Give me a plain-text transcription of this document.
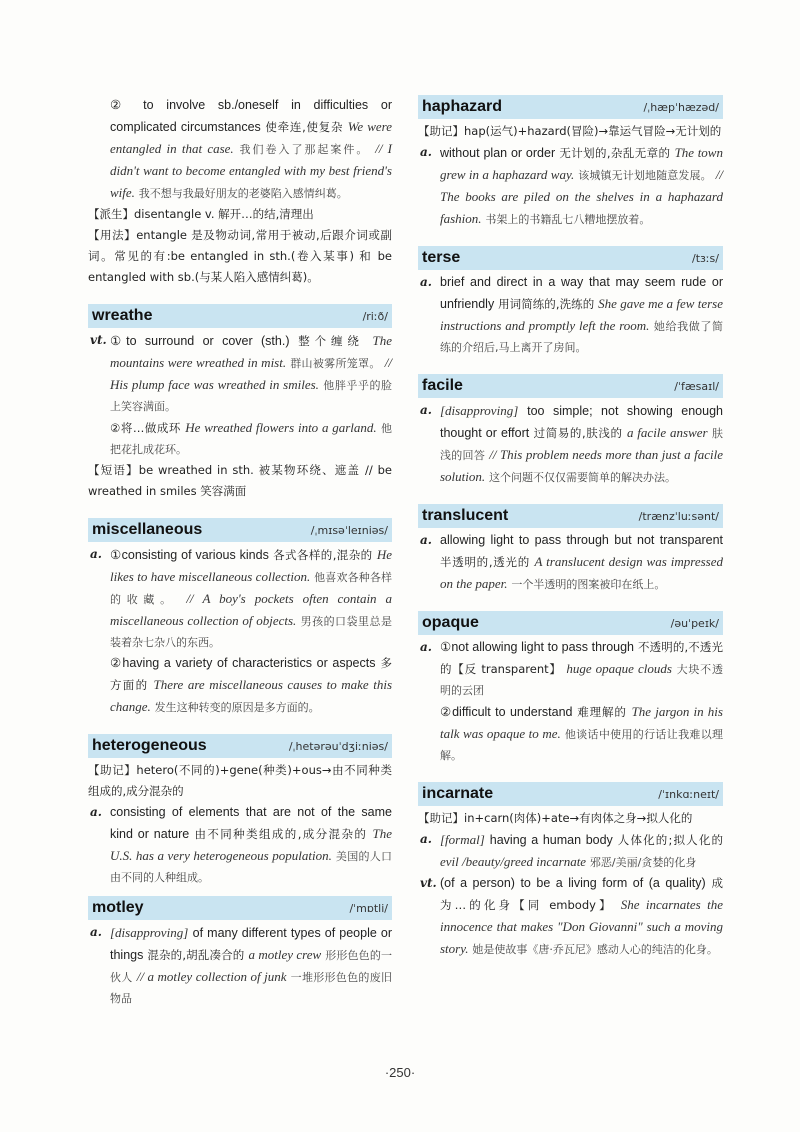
② to involve sb./oneself in difficulties or complicated circumstances 使牵连,使复杂 We were entangled in that case. 我们卷入了那起案件。 // I didn't want to become entangled with my best friend's wife. 我不想与我最好朋友的老婆陷入感情纠葛。

【派生】disentangle v. 解开…的结,清理出

【用法】entangle 是及物动词,常用于被动,后跟介词或副词。常见的有:be entangled in sth.(卷入某事) 和 be entangled with sb.(与某人陷入感情纠葛)。

wreathe	/riːð/

vt. ①to surround or cover (sth.) 整个缠绕 The mountains were wreathed in mist. 群山被雾所笼罩。 // His plump face was wreathed in smiles. 他胖乎乎的脸上笑容满面。

②将…做成环 He wreathed flowers into a garland. 他把花扎成花环。

【短语】be wreathed in sth. 被某物环绕、遮盖 // be wreathed in smiles 笑容满面

miscellaneous	/ˌmɪsəˈleɪniəs/

a. ①consisting of various kinds 各式各样的,混杂的 He likes to have miscellaneous collection. 他喜欢各种各样的收藏。 // A boy's pockets often contain a miscellaneous collection of objects. 男孩的口袋里总是装着杂七杂八的东西。

②having a variety of characteristics or aspects 多方面的 There are miscellaneous causes to make this change. 发生这种转变的原因是多方面的。

heterogeneous	/ˌhetərəuˈdʒiːniəs/

【助记】hetero(不同的)+gene(种类)+ous→由不同种类组成的,成分混杂的

a. consisting of elements that are not of the same kind or nature 由不同种类组成的,成分混杂的 The U.S. has a very heterogeneous population. 美国的人口由不同的人种组成。

motley	/ˈmɒtli/

a. [disapproving] of many different types of people or things 混杂的,胡乱凑合的 a motley crew 形形色色的一伙人 // a motley collection of junk 一堆形形色色的废旧物品

haphazard	/ˌhæpˈhæzəd/

【助记】hap(运气)+hazard(冒险)→靠运气冒险→无计划的

a. without plan or order 无计划的,杂乱无章的 The town grew in a haphazard way. 该城镇无计划地随意发展。 // The books are piled on the shelves in a haphazard fashion. 书架上的书籍乱七八糟地摆放着。

terse	/tɜːs/

a. brief and direct in a way that may seem rude or unfriendly 用词简练的,洗练的 She gave me a few terse instructions and promptly left the room. 她给我做了简练的介绍后,马上离开了房间。

facile	/ˈfæsaɪl/

a. [disapproving] too simple; not showing enough thought or effort 过简易的,肤浅的 a facile answer 肤浅的回答 // This problem needs more than just a facile solution. 这个问题不仅仅需要简单的解决办法。

translucent	/trænzˈluːsənt/

a. allowing light to pass through but not transparent 半透明的,透光的 A translucent design was impressed on the paper. 一个半透明的图案被印在纸上。

opaque	/əuˈpeɪk/

a. ①not allowing light to pass through 不透明的,不透光的【反 transparent】 huge opaque clouds 大块不透明的云团

②difficult to understand 难理解的 The jargon in his talk was opaque to me. 他谈话中使用的行话让我难以理解。

incarnate	/ˈɪnkɑːneɪt/

【助记】in+carn(肉体)+ate→有肉体之身→拟人化的

a. [formal] having a human body 人体化的;拟人化的 evil /beauty/greed incarnate 邪恶/美丽/贪婪的化身

vt. (of a person) to be a living form of (a quality) 成为…的化身【同 embody】 She incarnates the innocence that makes "Don Giovanni" such a moving story. 她是使故事《唐·乔瓦尼》感动人心的纯洁的化身。

·250·
